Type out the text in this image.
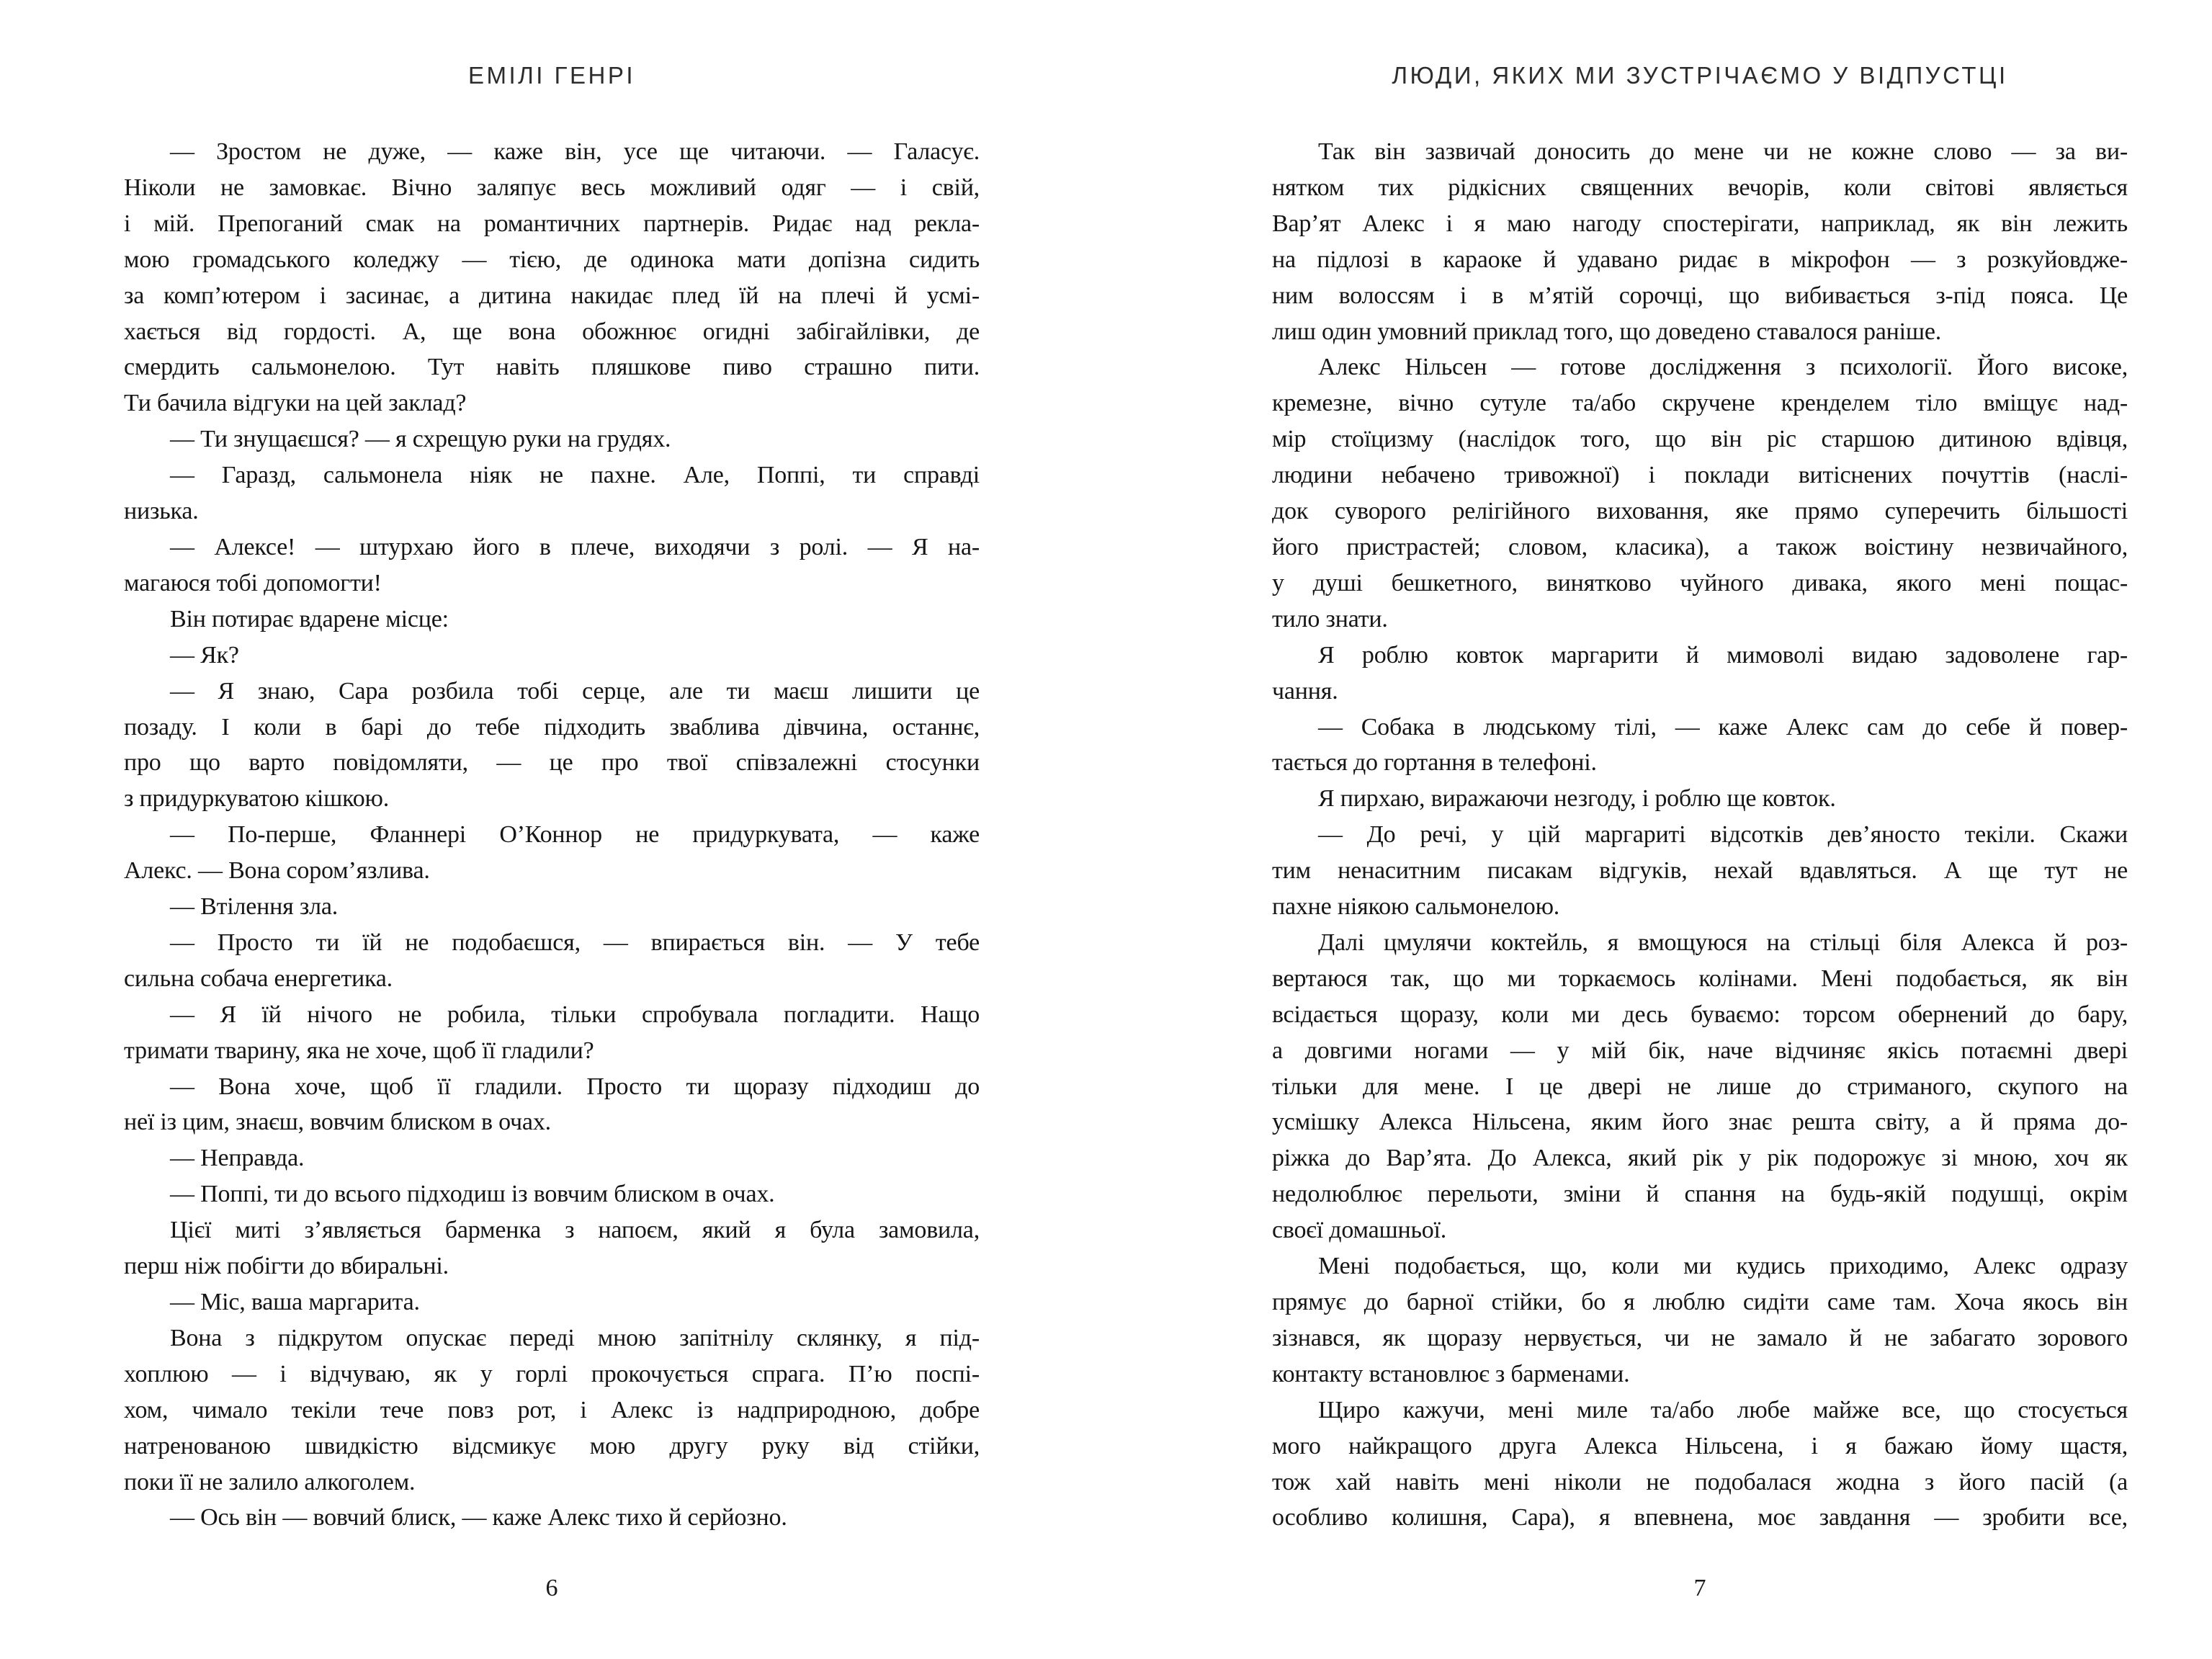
ЕМІЛІ ГЕНРІ
— Зростом не дуже, — каже він, усе ще читаючи. — Галасує.
Ніколи не замовкає. Вічно заляпує весь можливий одяг — і свій,
і мій. Препоганий смак на романтичних партнерів. Ридає над рекла-
мою громадського коледжу — тією, де одинока мати допізна сидить
за комп’ютером і засинає, а дитина накидає плед їй на плечі й усмі-
хається від гордості. А, ще вона обожнює огидні забігайлівки, де
смердить сальмонелою. Тут навіть пляшкове пиво страшно пити.
Ти бачила відгуки на цей заклад?
— Ти знущаєшся? — я схрещую руки на грудях.
— Гаразд, сальмонела ніяк не пахне. Але, Поппі, ти справді
низька.
— Алексе! — штурхаю його в плече, виходячи з ролі. — Я на-
магаюся тобі допомогти!
Він потирає вдарене місце:
— Як?
— Я знаю, Сара розбила тобі серце, але ти маєш лишити це
позаду. І коли в барі до тебе підходить зваблива дівчина, останнє,
про що варто повідомляти, — це про твої співзалежні стосунки
з придуркуватою кішкою.
— По-перше, Фланнері О’Коннор не придуркувата, — каже
Алекс. — Вона сором’язлива.
— Втілення зла.
— Просто ти їй не подобаєшся, — впирається він. — У тебе
сильна собача енергетика.
— Я їй нічого не робила, тільки спробувала погладити. Нащо
тримати тварину, яка не хоче, щоб її гладили?
— Вона хоче, щоб її гладили. Просто ти щоразу підходиш до
неї із цим, знаєш, вовчим блиском в очах.
— Неправда.
— Поппі, ти до всього підходиш із вовчим блиском в очах.
Цієї миті з’являється барменка з напоєм, який я була замовила,
перш ніж побігти до вбиральні.
— Міс, ваша маргарита.
Вона з підкрутом опускає переді мною запітнілу склянку, я під-
хоплюю — і відчуваю, як у горлі прокочується спрага. П’ю поспі-
хом, чимало текіли тече повз рот, і Алекс із надприродною, добре
натренованою швидкістю відсмикує мою другу руку від стійки,
поки її не залило алкоголем.
— Ось він — вовчий блиск, — каже Алекс тихо й серйозно.
6
ЛЮДИ, ЯКИХ МИ ЗУСТРІЧАЄМО У ВІДПУСТЦІ
Так він зазвичай доносить до мене чи не кожне слово — за ви-
нятком тих рідкісних священних вечорів, коли світові являється
Вар’ят Алекс і я маю нагоду спостерігати, наприклад, як він лежить
на підлозі в караоке й удавано ридає в мікрофон — з розкуйовдже-
ним волоссям і в м’ятій сорочці, що вибивається з-під пояса. Це
лиш один умовний приклад того, що доведено ставалося раніше.
Алекс Нільсен — готове дослідження з психології. Його високе,
кремезне, вічно сутуле та/або скручене кренделем тіло вміщує над-
мір стоїцизму (наслідок того, що він ріс старшою дитиною вдівця,
людини небачено тривожної) і поклади витіснених почуттів (наслі-
док суворого релігійного виховання, яке прямо суперечить більшості
його пристрастей; словом, класика), а також воістину незвичайного,
у душі бешкетного, винятково чуйного дивака, якого мені пощас-
тило знати.
Я роблю ковток маргарити й мимоволі видаю задоволене гар-
чання.
— Собака в людському тілі, — каже Алекс сам до себе й повер-
тається до гортання в телефоні.
Я пирхаю, виражаючи незгоду, і роблю ще ковток.
— До речі, у цій маргариті відсотків дев’яносто текіли. Скажи
тим ненаситним писакам відгуків, нехай вдавляться. А ще тут не
пахне ніякою сальмонелою.
Далі цмулячи коктейль, я вмощуюся на стільці біля Алекса й роз-
вертаюся так, що ми торкаємось колінами. Мені подобається, як він
всідається щоразу, коли ми десь буваємо: торсом обернений до бару,
а довгими ногами — у мій бік, наче відчиняє якісь потаємні двері
тільки для мене. І це двері не лише до стриманого, скупого на
усмішку Алекса Нільсена, яким його знає решта світу, а й пряма до-
ріжка до Вар’ята. До Алекса, який рік у рік подорожує зі мною, хоч як
недолюблює перельоти, зміни й спання на будь-якій подушці, окрім
своєї домашньої.
Мені подобається, що, коли ми кудись приходимо, Алекс одразу
прямує до барної стійки, бо я люблю сидіти саме там. Хоча якось він
зізнався, як щоразу нервується, чи не замало й не забагато зорового
контакту встановлює з барменами.
Щиро кажучи, мені миле та/або любе майже все, що стосується
мого найкращого друга Алекса Нільсена, і я бажаю йому щастя,
тож хай навіть мені ніколи не подобалася жодна з його пасій (а
особливо колишня, Сара), я впевнена, моє завдання — зробити все,
7
